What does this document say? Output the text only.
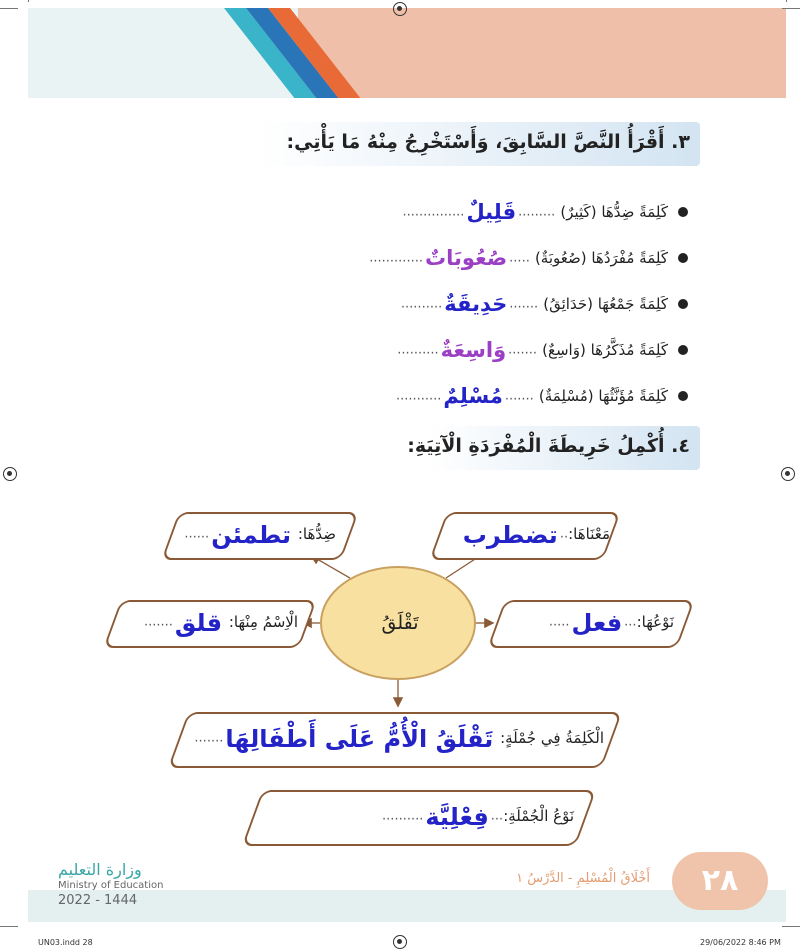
٣. أَقْرَأُ النَّصَّ السَّابِقَ، وَأَسْتَخْرِجُ مِنْهُ مَا يَأْتِي:
كَلِمَةً ضِدُّهَا (كَثِيرٌ) .........قَلِيلٌ...............
كَلِمَةً مُفْرَدُهَا (صُعُوبَةٌ) .....صُعُوبَاتٌ.............
كَلِمَةً جَمْعُهَا (حَدَائِقُ) .......حَدِيقَةٌ..........
كَلِمَةً مُذَكَّرُهَا (وَاسِعٌ) .......وَاسِعَةٌ..........
كَلِمَةً مُؤَنَّثُهَا (مُسْلِمَةٌ) .......مُسْلِمٌ...........
٤. أُكْمِلُ خَرِيطَةَ الْمُفْرَدَةِ الْآتِيَةِ:
مَعْنَاهَا:..تضطرب
ضِدُّهَا: تطمئن......
نَوْعُهَا:...فعل.....
الْاِسْمُ مِنْهَا: قلق.......	تَقْلَقُ
الْكَلِمَةُ فِي جُمْلَةٍ: تَقْلَقُ الْأُمُّ عَلَى أَطْفَالِهَا.......
نَوْعُ الْجُمْلَةِ:...فِعْلِيَّة..........
٢٨
أَخْلَاقُ الْمُسْلِمِ - الدَّرْسُ ١
وزارة التعليم
Ministry of Education
2022 - 1444
UN03.indd 28	29/06/2022 8:46 PM
